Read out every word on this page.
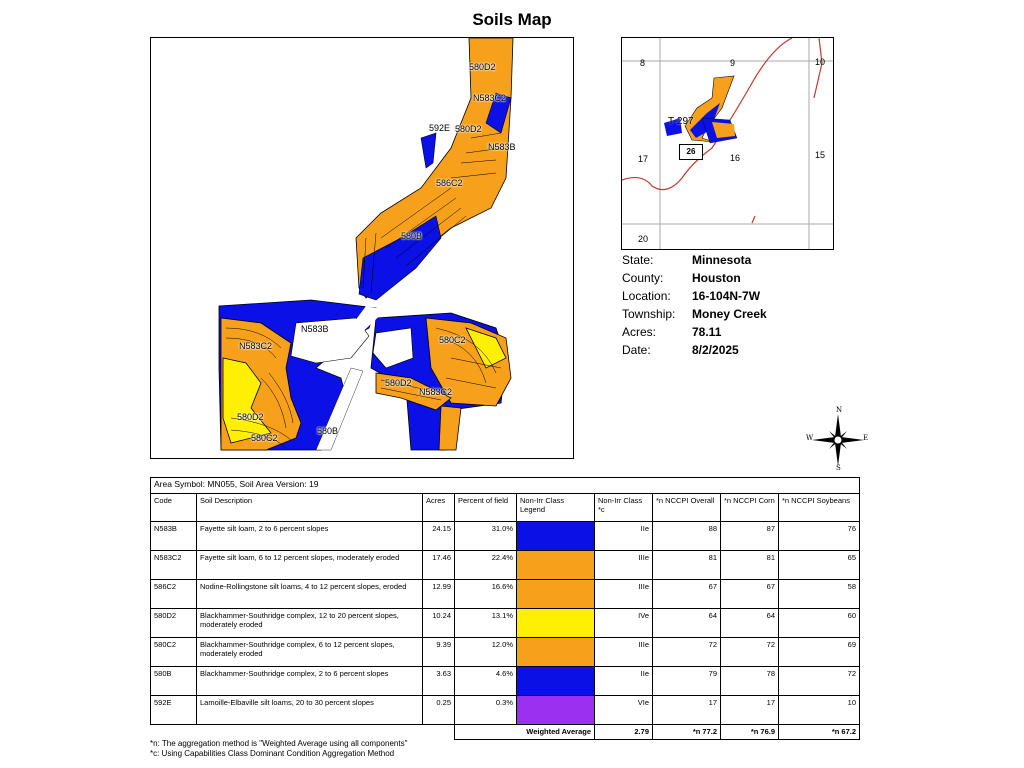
Soils Map
580D2
N583C2
592E 580D2
N583B
586C2
580B
N583B
N583C2
580C2
580D2
N583C2
580D2
580C2
580B
8	9	10
17	16	15
20
T-297
26
State:	Minnesota
County: Houston
Location: 16-104N-7W
Township: Money Creek
Acres:	78.11
Date:	8/2/2025
N
S
E
W
Area Symbol: MN055, Soil Area Version: 19								
Code	Soil Description	Acres	Percent of field	Non-Irr Class Legend	Non-Irr Class *c	*n NCCPI Overall	*n NCCPI Corn	*n NCCPI Soybeans
N583B	Fayette silt loam, 2 to 6 percent slopes	24.15	31.0%		IIe	88	87	76
N583C2	Fayette silt loam, 6 to 12 percent slopes, moderately eroded	17.46	22.4%		IIIe	81	81	65
586C2	Nodine-Rollingstone silt loams, 4 to 12 percent slopes, eroded	12.99	16.6%		IIIe	67	67	58
580D2	Blackhammer-Southridge complex, 12 to 20 percent slopes, moderately eroded	10.24	13.1%		IVe	64	64	60
580C2	Blackhammer-Southridge complex, 6 to 12 percent slopes, moderately eroded	9.39	12.0%		IIIe	72	72	69
580B	Blackhammer-Southridge complex, 2 to 6 percent slopes	3.63	4.6%		IIe	79	78	72
592E	Lamoille-Elbaville silt loams, 20 to 30 percent slopes	0.25	0.3%		VIe	17	17	10
			Weighted Average		2.79	*n 77.2	*n 76.9	*n 67.2
*n: The aggregation method is "Weighted Average using all components"
*c: Using Capabilities Class Dominant Condition Aggregation Method
